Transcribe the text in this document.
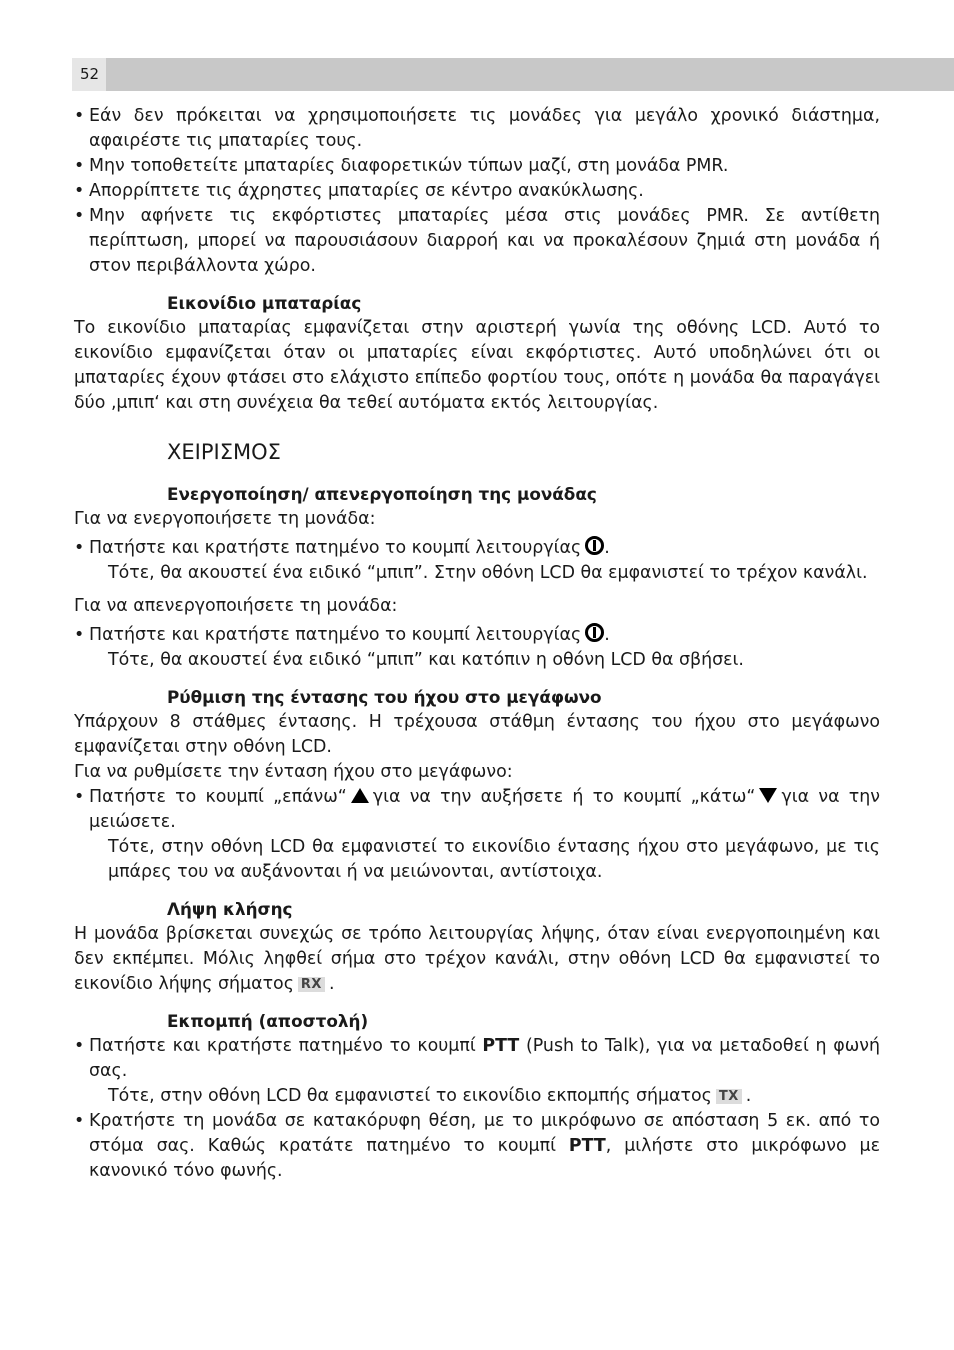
52
• Εάν δεν πρόκειται να χρησιμοποιήσετε τις μονάδες για μεγάλο χρονικό διάστημα, αφαιρέστε τις μπαταρίες τους.
• Μην τοποθετείτε μπαταρίες διαφορετικών τύπων μαζί, στη μονάδα PMR.
• Απορρίπτετε τις άχρηστες μπαταρίες σε κέντρο ανακύκλωσης.
• Μην αφήνετε τις εκφόρτιστες μπαταρίες μέσα στις μονάδες PMR. Σε αντίθετη περίπτωση, μπορεί να παρουσιάσουν διαρροή και να προκαλέσουν ζημιά στη μονάδα ή στον περιβάλλοντα χώρο.
Εικονίδιο μπαταρίας
Το εικονίδιο μπαταρίας εμφανίζεται στην αριστερή γωνία της οθόνης LCD. Αυτό το εικονίδιο εμφανίζεται όταν οι μπαταρίες είναι εκφόρτιστες. Αυτό υποδηλώνει ότι οι μπαταρίες έχουν φτάσει στο ελάχιστο επίπεδο φορτίου τους, οπότε η μονάδα θα παραγάγει δύο ‚μπιπ‘ και στη συνέχεια θα τεθεί αυτόματα εκτός λειτουργίας.
ΧΕΙΡΙΣΜΟΣ
Ενεργοποίηση/ απενεργοποίηση της μονάδας
Για να ενεργοποιήσετε τη μονάδα:
• Πατήστε και κρατήστε πατημένο το κουμπί λειτουργίας .
Τότε, θα ακουστεί ένα ειδικό “μπιπ”. Στην οθόνη LCD θα εμφανιστεί το τρέχον κανάλι.
Για να απενεργοποιήσετε τη μονάδα:
• Πατήστε και κρατήστε πατημένο το κουμπί λειτουργίας .
Τότε, θα ακουστεί ένα ειδικό “μπιπ” και κατόπιν η οθόνη LCD θα σβήσει.
Ρύθμιση της έντασης του ήχου στο μεγάφωνο
Υπάρχουν 8 στάθμες έντασης. Η τρέχουσα στάθμη έντασης του ήχου στο μεγάφωνο εμφανίζεται στην οθόνη LCD.
Για να ρυθμίσετε την ένταση ήχου στο μεγάφωνο:
• Πατήστε το κουμπί „επάνω“ για να την αυξήσετε ή το κουμπί „κάτω“ για να την μειώσετε.
Τότε, στην οθόνη LCD θα εμφανιστεί το εικονίδιο έντασης ήχου στο μεγάφωνο, με τις μπάρες του να αυξάνονται ή να μειώνονται, αντίστοιχα.
Λήψη κλήσης
Η μονάδα βρίσκεται συνεχώς σε τρόπο λειτουργίας λήψης, όταν είναι ενεργοποιημένη και δεν εκπέμπει. Μόλις ληφθεί σήμα στο τρέχον κανάλι, στην οθόνη LCD θα εμφανιστεί το εικονίδιο λήψης σήματος RX .
Εκπομπή (αποστολή)
• Πατήστε και κρατήστε πατημένο το κουμπί PTT (Push to Talk), για να μεταδοθεί η φωνή σας.
Τότε, στην οθόνη LCD θα εμφανιστεί το εικονίδιο εκπομπής σήματος TX .
• Κρατήστε τη μονάδα σε κατακόρυφη θέση, με το μικρόφωνο σε απόσταση 5 εκ. από το στόμα σας. Καθώς κρατάτε πατημένο το κουμπί PTT, μιλήστε στο μικρόφωνο με κανονικό τόνο φωνής.
